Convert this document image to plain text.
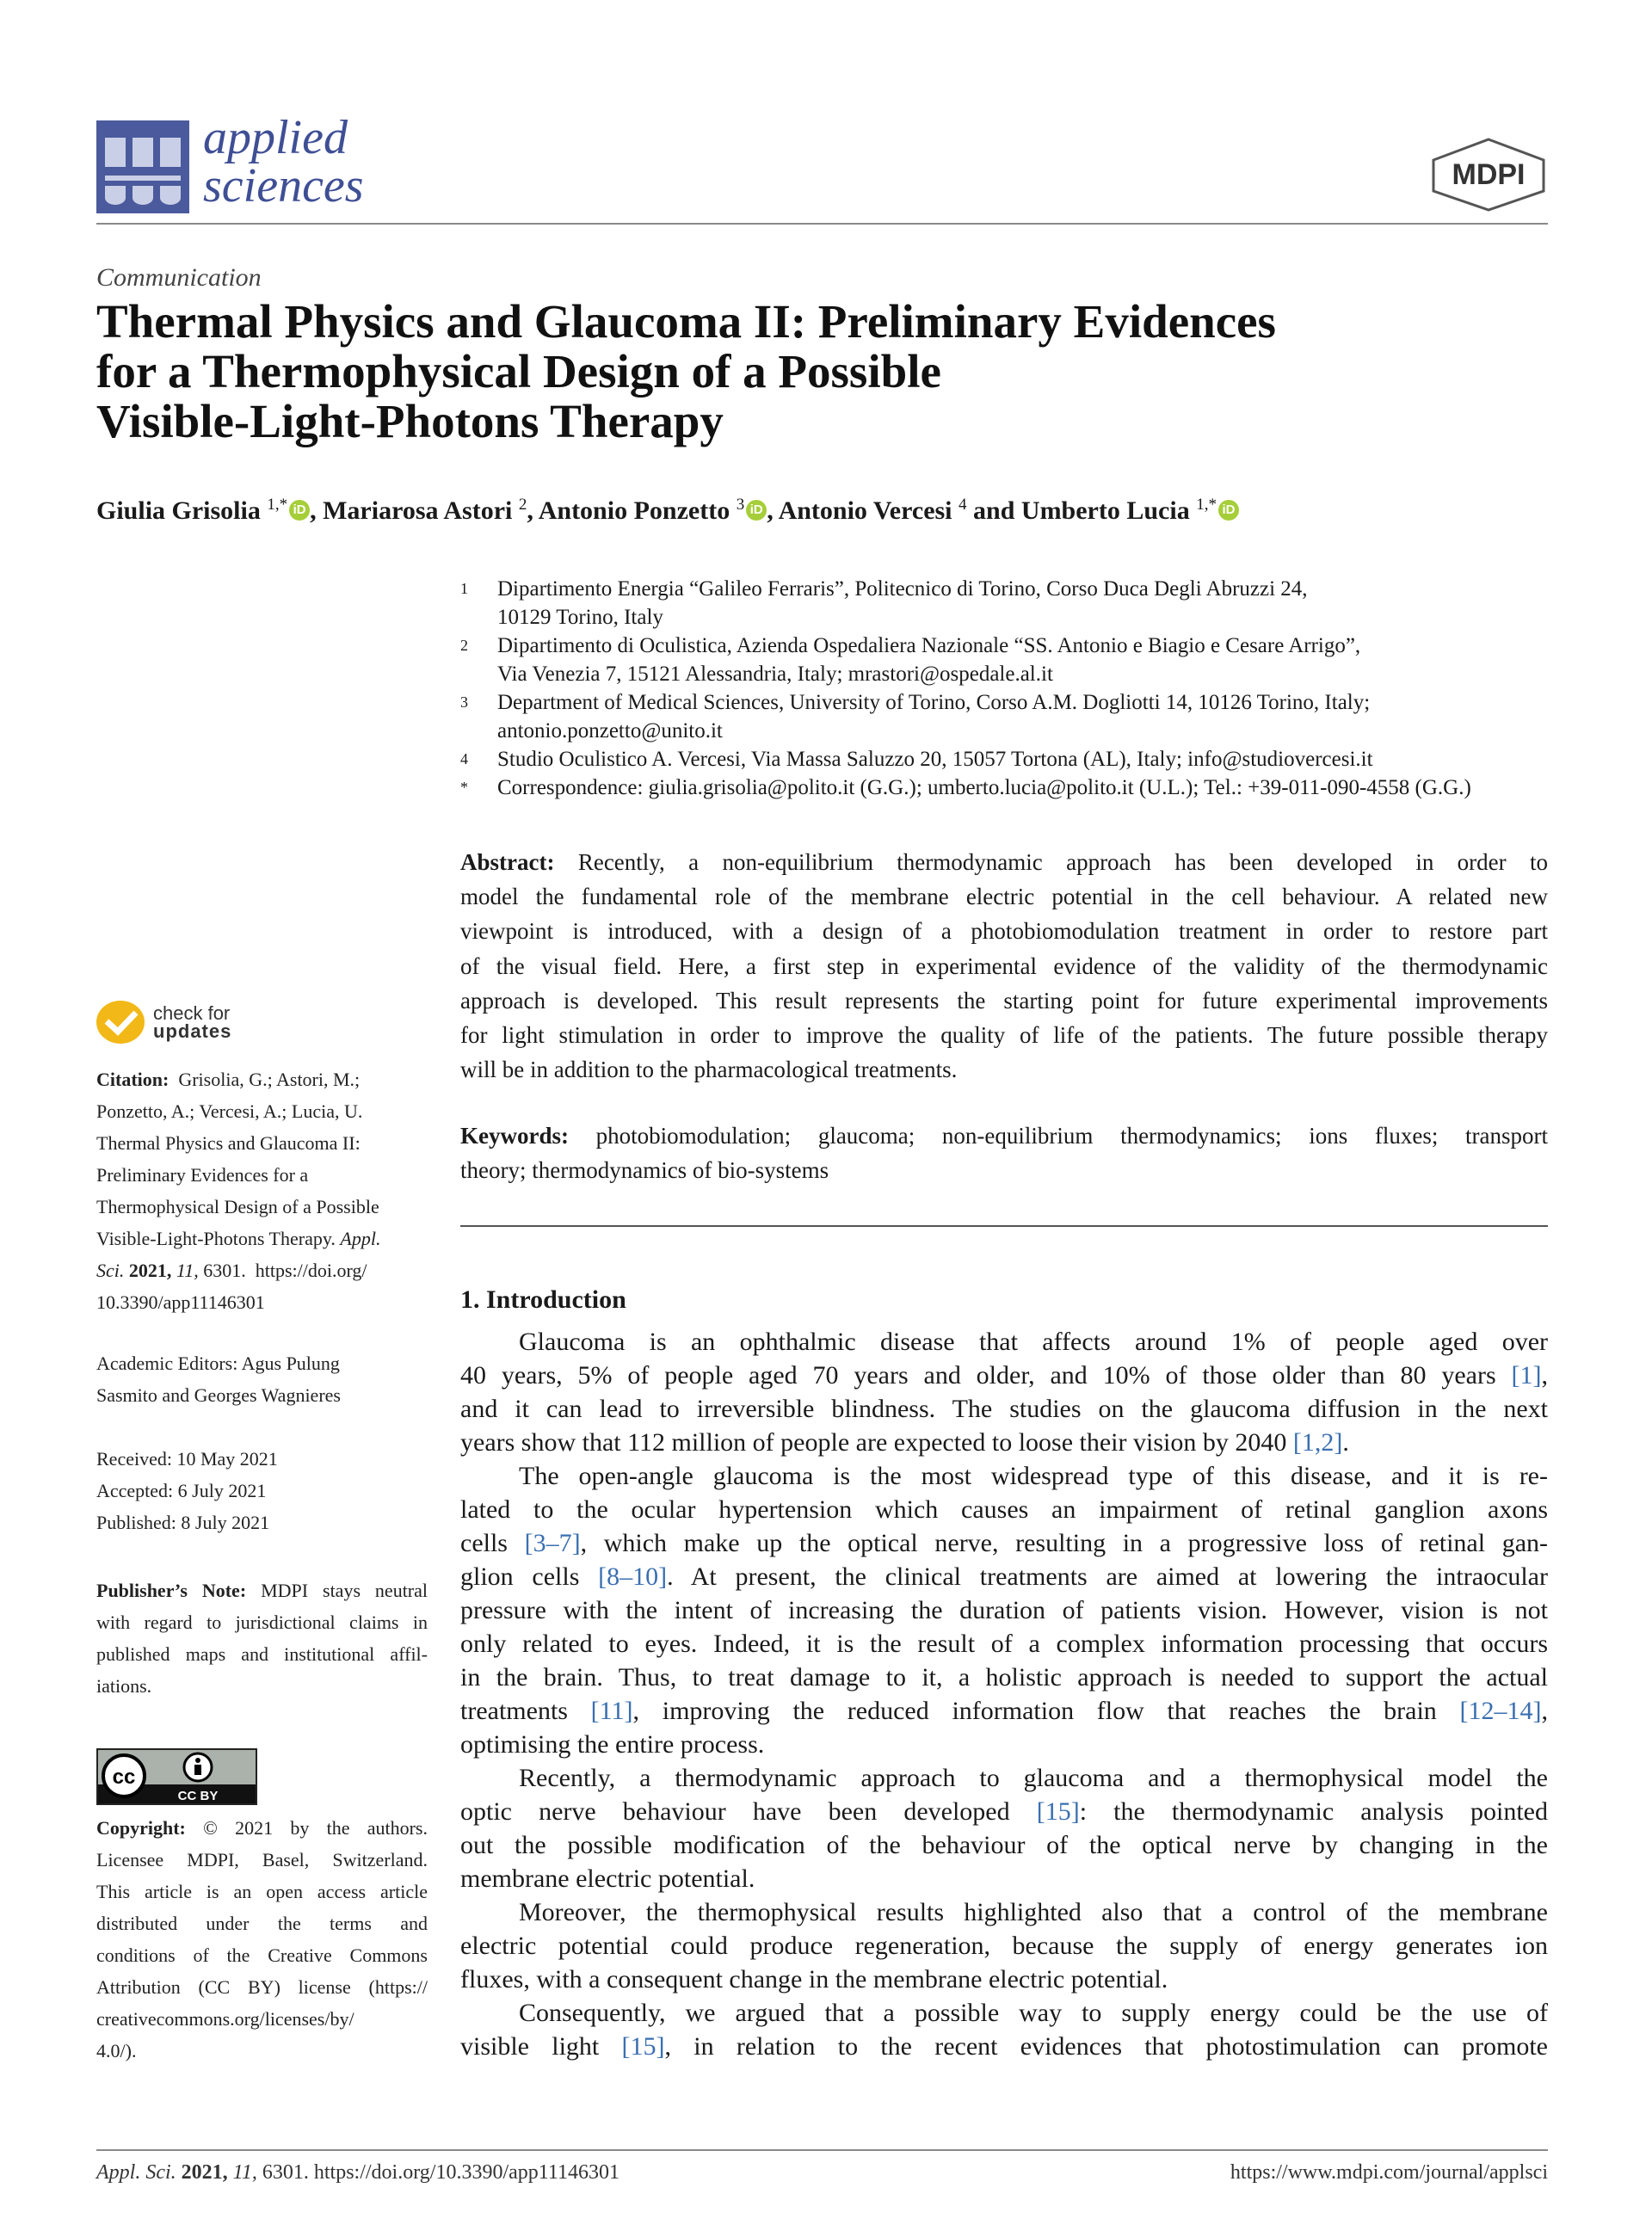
applied
sciences	MDPI
Communication
Thermal Physics and Glaucoma II: Preliminary Evidences
for a Thermophysical Design of a Possible
Visible-Light-Photons Therapy
Giulia Grisolia $^{1,*}$ iD , Mariarosa Astori $^2$, Antonio Ponzetto $^3$ iD , Antonio Vercesi $^4$ and Umberto Lucia $^{1,*}$ iD
1	Dipartimento Energia “Galileo Ferraris”, Politecnico di Torino, Corso Duca Degli Abruzzi 24,
10129 Torino, Italy
2	Dipartimento di Oculistica, Azienda Ospedaliera Nazionale “SS. Antonio e Biagio e Cesare Arrigo”,
Via Venezia 7, 15121 Alessandria, Italy; mrastori@ospedale.al.it
3	Department of Medical Sciences, University of Torino, Corso A.M. Dogliotti 14, 10126 Torino, Italy;
antonio.ponzetto@unito.it
4	Studio Oculistico A. Vercesi, Via Massa Saluzzo 20, 15057 Tortona (AL), Italy; info@studiovercesi.it
*	Correspondence: giulia.grisolia@polito.it (G.G.); umberto.lucia@polito.it (U.L.); Tel.: +39-011-090-4558 (G.G.)
Abstract: Recently, a non-equilibrium thermodynamic approach has been developed in order to
model the fundamental role of the membrane electric potential in the cell behaviour. A related new
viewpoint is introduced, with a design of a photobiomodulation treatment in order to restore part
of the visual field. Here, a first step in experimental evidence of the validity of the thermodynamic
approach is developed. This result represents the starting point for future experimental improvements
for light stimulation in order to improve the quality of life of the patients. The future possible therapy
will be in addition to the pharmacological treatments.
Keywords: photobiomodulation; glaucoma; non-equilibrium thermodynamics; ions fluxes; transport
theory; thermodynamics of bio-systems
1. Introduction
Glaucoma is an ophthalmic disease that affects around 1% of people aged over
40 years, 5% of people aged 70 years and older, and 10% of those older than 80 years [1],
and it can lead to irreversible blindness. The studies on the glaucoma diffusion in the next
years show that 112 million of people are expected to loose their vision by 2040 [1,2].
The open-angle glaucoma is the most widespread type of this disease, and it is re-
lated to the ocular hypertension which causes an impairment of retinal ganglion axons
cells [3–7], which make up the optical nerve, resulting in a progressive loss of retinal gan-
glion cells [8–10]. At present, the clinical treatments are aimed at lowering the intraocular
pressure with the intent of increasing the duration of patients vision. However, vision is not
only related to eyes. Indeed, it is the result of a complex information processing that occurs
in the brain. Thus, to treat damage to it, a holistic approach is needed to support the actual
treatments [11], improving the reduced information flow that reaches the brain [12–14],
optimising the entire process.
Recently, a thermodynamic approach to glaucoma and a thermophysical model the
optic nerve behaviour have been developed [15]: the thermodynamic analysis pointed
out the possible modification of the behaviour of the optical nerve by changing in the
membrane electric potential.
Moreover, the thermophysical results highlighted also that a control of the membrane
electric potential could produce regeneration, because the supply of energy generates ion
fluxes, with a consequent change in the membrane electric potential.
Consequently, we argued that a possible way to supply energy could be the use of
visible light [15], in relation to the recent evidences that photostimulation can promote
check for
updates
Citation: Grisolia, G.; Astori, M.;
Ponzetto, A.; Vercesi, A.; Lucia, U.
Thermal Physics and Glaucoma II:
Preliminary Evidences for a
Thermophysical Design of a Possible
Visible-Light-Photons Therapy. Appl.
Sci. 2021, 11, 6301. https://doi.org/
10.3390/app11146301
Academic Editors: Agus Pulung
Sasmito and Georges Wagnieres
Received: 10 May 2021
Accepted: 6 July 2021
Published: 8 July 2021
Publisher’s Note: MDPI stays neutral
with regard to jurisdictional claims in
published maps and institutional affil-
iations.
cc
CC BY
Copyright: © 2021 by the authors.
Licensee MDPI, Basel, Switzerland.
This article is an open access article
distributed under the terms and
conditions of the Creative Commons
Attribution (CC BY) license (https://
creativecommons.org/licenses/by/
4.0/).
Appl. Sci. 2021, 11, 6301. https://doi.org/10.3390/app11146301	https://www.mdpi.com/journal/applsci
